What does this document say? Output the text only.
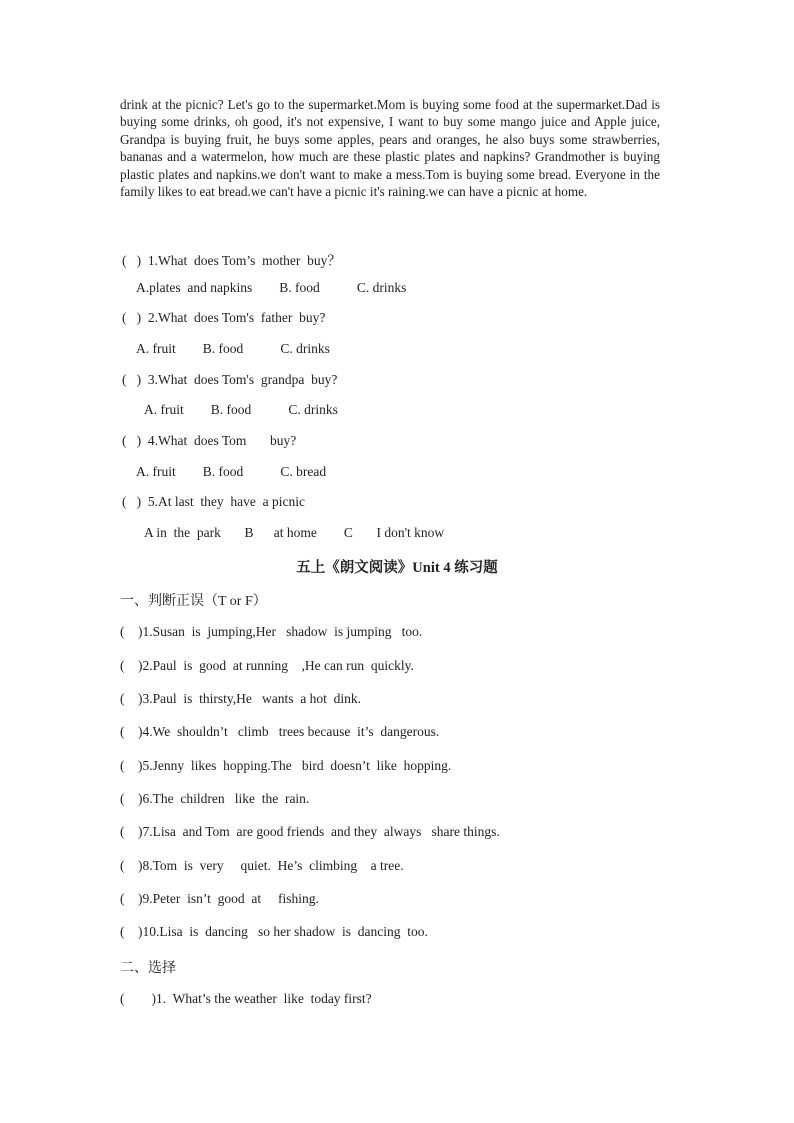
drink at the picnic? Let's go to the supermarket.Mom is buying some food at the supermarket.Dad is buying some drinks, oh good, it's not expensive, I want to buy some mango juice and Apple juice, Grandpa is buying fruit, he buys some apples, pears and oranges, he also buys some strawberries, bananas and a watermelon, how much are these plastic plates and napkins? Grandmother is buying plastic plates and napkins.we don't want to make a mess.Tom is buying some bread. Everyone in the family likes to eat bread.we can't have a picnic it's raining.we can have a picnic at home.
(   )  1.What  does Tom’s  mother  buy？
A.plates  and napkins        B. food           C. drinks
(   )  2.What  does Tom's  father  buy?
A. fruit        B. food           C. drinks
(   )  3.What  does Tom's  grandpa  buy?
A. fruit        B. food           C. drinks
(   )  4.What  does Tom       buy?
A. fruit        B. food           C. bread
(   )  5.At last  they  have  a picnic
A in  the  park       B      at home        C       I don't know
五上《朗文阅读》Unit 4 练习题
一、判断正误（T or F）
(    )1.Susan  is  jumping,Her   shadow  is jumping   too.
(    )2.Paul  is  good  at running    ,He can run  quickly.
(    )3.Paul  is  thirsty,He   wants  a hot  dink.
(    )4.We  shouldn’t   climb   trees because  it’s  dangerous.
(    )5.Jenny  likes  hopping.The   bird  doesn’t  like  hopping.
(    )6.The  children   like  the  rain.
(    )7.Lisa  and Tom  are good friends  and they  always   share things.
(    )8.Tom  is  very     quiet.  He’s  climbing    a tree.
(    )9.Peter  isn’t  good  at     fishing.
(    )10.Lisa  is  dancing   so her shadow  is  dancing  too.
二、选择
(        )1.  What’s the weather  like  today first?
